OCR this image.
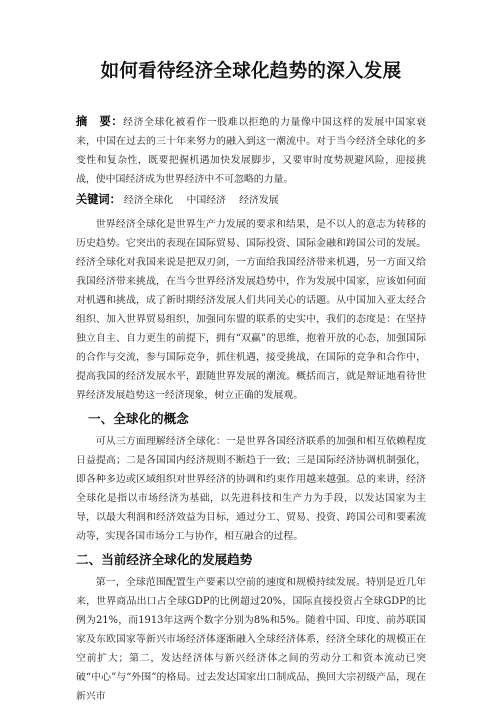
如何看待经济全球化趋势的深入发展

摘　要：经济全球化被看作一股难以拒绝的力量像中国这样的发展中国家衰来，中国在过去的三十年来努力的融入到这一潮流中。对于当今经济全球化的多变性和复杂性，既要把握机遇加快发展脚步，又要审时度势规避风险，迎接挑战，使中国经济成为世界经济中不可忽略的力量。

关键词： 经济全球化 中国经济 经济发展

世界经济全球化是世界生产力发展的要求和结果，是不以人的意志为转移的历史趋势。它突出的表现在国际贸易、国际投资、国际金融和跨国公司的发展。经济全球化对我国来说是把双刃剑，一方面给我国经济带来机遇，另一方面又给我国经济带来挑战，在当今世界经济发展趋势中，作为发展中国家，应该如何面对机遇和挑战，成了新时期经济发展人们共同关心的话题。从中国加入亚太经合组织、加入世界贸易组织，加强同东盟的联系的史实中，我们的态度是：在坚持独立自主、自力更生的前提下，拥有“双赢”的思维，抱着开放的心态，加强国际的合作与交流，参与国际竞争，抓住机遇，接受挑战，在国际的竞争和合作中，提高我国的经济发展水平，跟随世界发展的潮流。概括而言，就是辩证地看待世界经济发展趋势这一经济现象，树立正确的发展观。

一、全球化的概念

可从三方面理解经济全球化：一是世界各国经济联系的加强和相互依赖程度日益提高；二是各国国内经济规则不断趋于一致；三是国际经济协调机制强化，即各种多边或区域组织对世界经济的协调和约束作用越来越强。总的来讲，经济全球化是指以市场经济为基础，以先进科技和生产力为手段，以发达国家为主导，以最大利润和经济效益为目标，通过分工、贸易、投资、跨国公司和要素流动等，实现各国市场分工与协作，相互融合的过程。

二、当前经济全球化的发展趋势

第一，全球范围配置生产要素以空前的速度和规模持续发展。特别是近几年来，世界商品出口占全球GDP的比例超过20%，国际直接投资占全球GDP的比例为21%，而1913年这两个数字分别为8%和5%。随着中国、印度、前苏联国家及东欧国家等新兴市场经济体逐渐融入全球经济体系，经济全球化的规模正在空前扩大；第二，发达经济体与新兴经济体之间的劳动分工和资本流动已突破“中心”与“外围”的格局。过去发达国家出口制成品，换回大宗初级产品，现在新兴市
